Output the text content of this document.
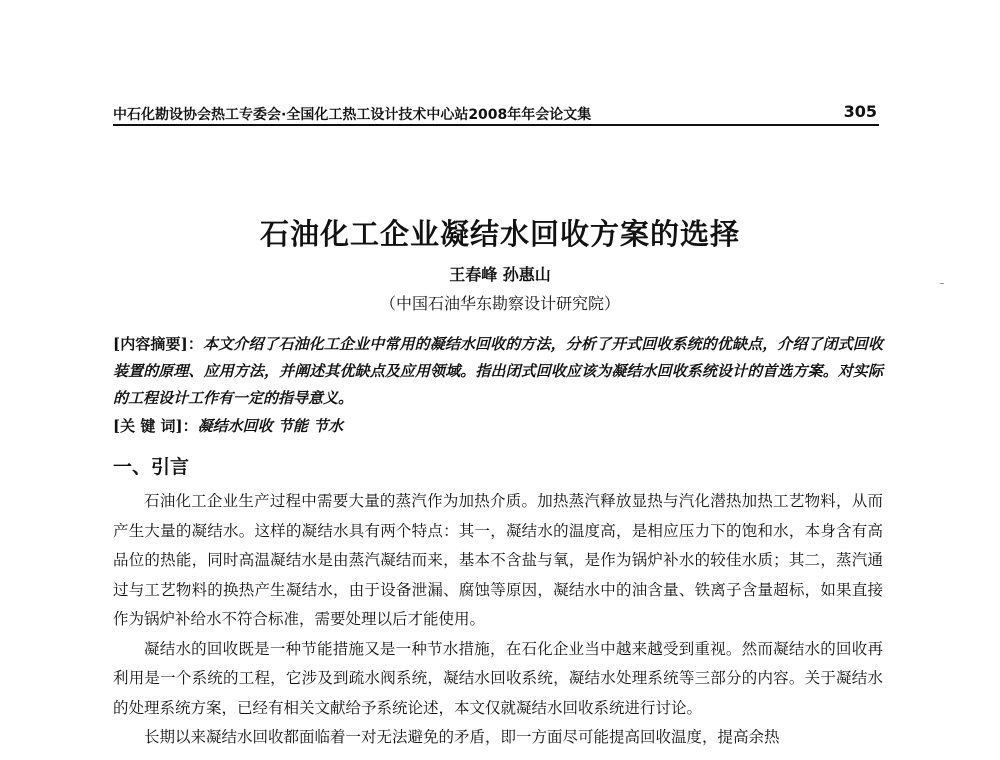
中石化勘设协会热工专委会·全国化工热工设计技术中心站2008年年会论文集	305
石油化工企业凝结水回收方案的选择
王春峰 孙惠山
（中国石油华东勘察设计研究院）
[内容摘要]：本文介绍了石油化工企业中常用的凝结水回收的方法，分析了开式回收系统的优缺点，介绍了闭式回收装置的原理、应用方法，并阐述其优缺点及应用领域。指出闭式回收应该为凝结水回收系统设计的首选方案。对实际的工程设计工作有一定的指导意义。
[关 键 词]：凝结水回收 节能 节水
一、引言

石油化工企业生产过程中需要大量的蒸汽作为加热介质。加热蒸汽释放显热与汽化潜热加热工艺物料，从而产生大量的凝结水。这样的凝结水具有两个特点：其一，凝结水的温度高，是相应压力下的饱和水，本身含有高品位的热能，同时高温凝结水是由蒸汽凝结而来，基本不含盐与氧，是作为锅炉补水的较佳水质；其二，蒸汽通过与工艺物料的换热产生凝结水，由于设备泄漏、腐蚀等原因，凝结水中的油含量、铁离子含量超标，如果直接作为锅炉补给水不符合标准，需要处理以后才能使用。

凝结水的回收既是一种节能措施又是一种节水措施，在石化企业当中越来越受到重视。然而凝结水的回收再利用是一个系统的工程，它涉及到疏水阀系统，凝结水回收系统，凝结水处理系统等三部分的内容。关于凝结水的处理系统方案，已经有相关文献给予系统论述，本文仅就凝结水回收系统进行讨论。

长期以来凝结水回收都面临着一对无法避免的矛盾，即一方面尽可能提高回收温度，提高余热
